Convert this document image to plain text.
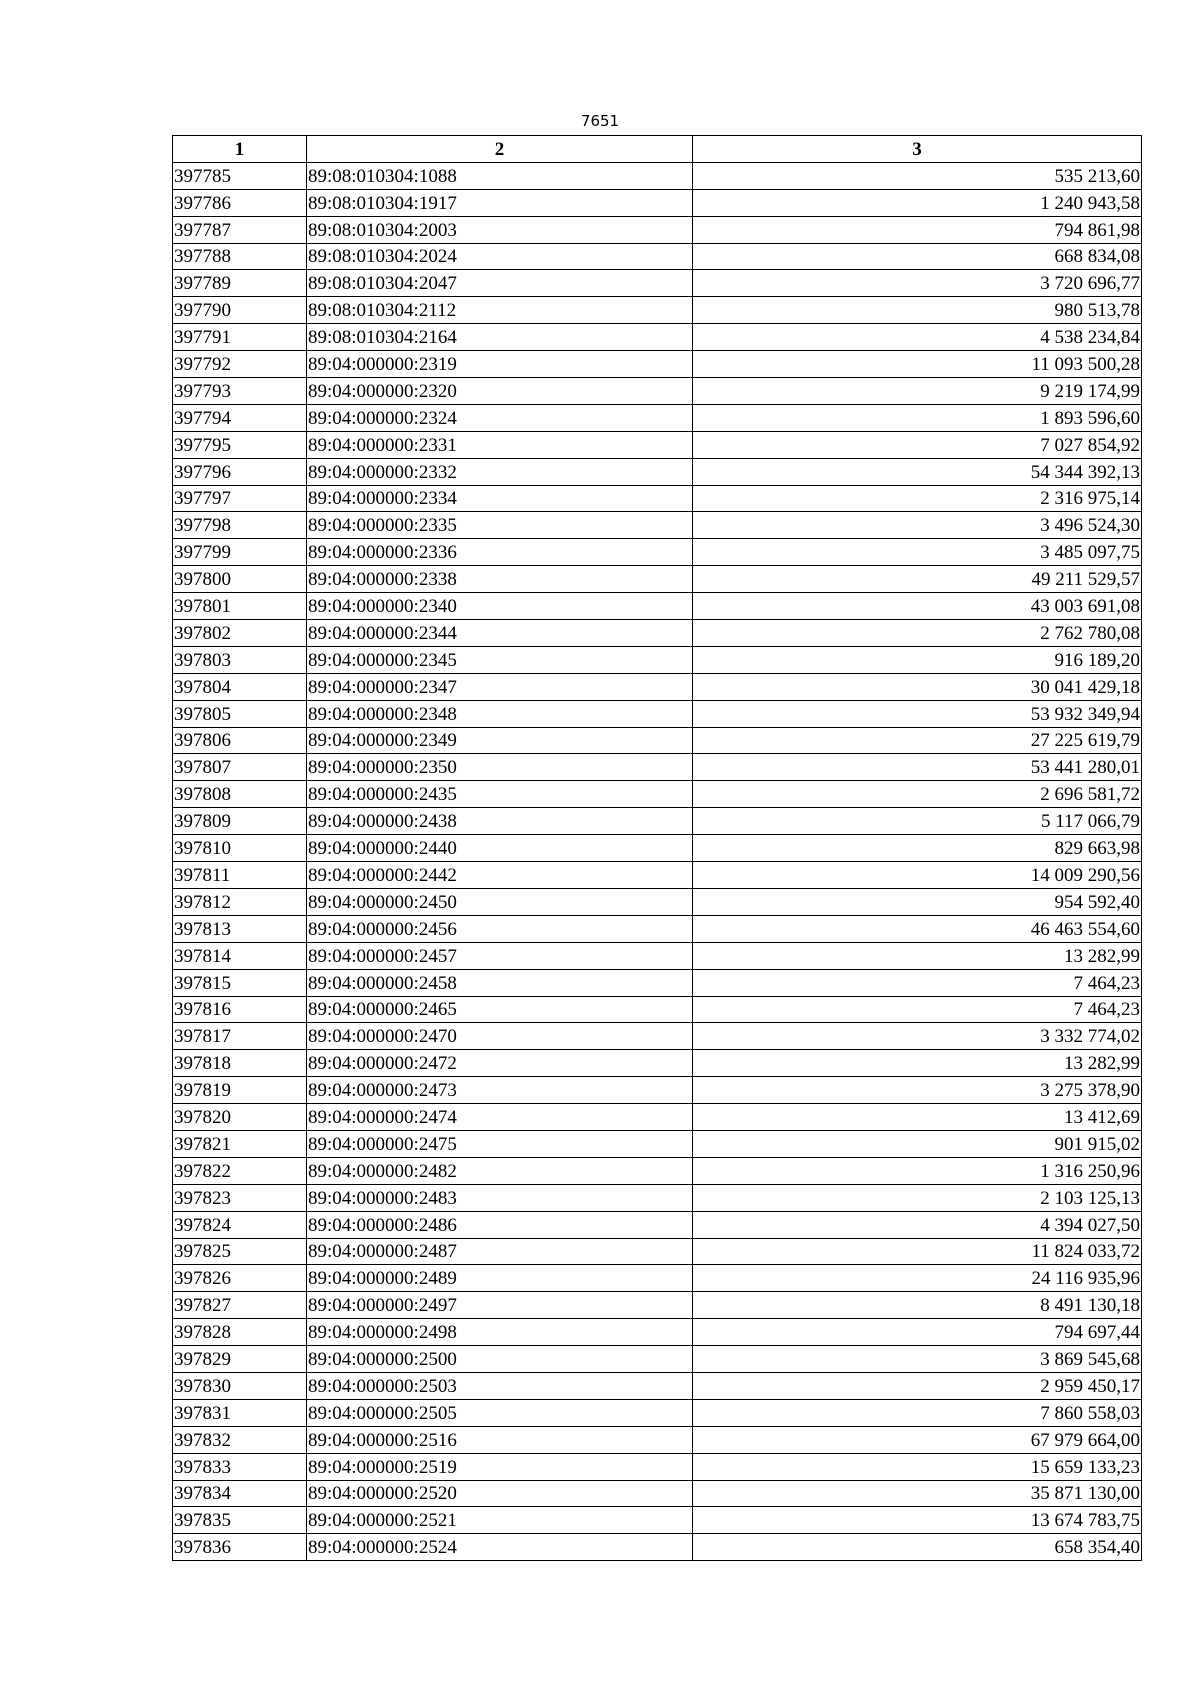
7651
1	2	3
397785	89:08:010304:1088	535 213,60
397786	89:08:010304:1917	1 240 943,58
397787	89:08:010304:2003	794 861,98
397788	89:08:010304:2024	668 834,08
397789	89:08:010304:2047	3 720 696,77
397790	89:08:010304:2112	980 513,78
397791	89:08:010304:2164	4 538 234,84
397792	89:04:000000:2319	11 093 500,28
397793	89:04:000000:2320	9 219 174,99
397794	89:04:000000:2324	1 893 596,60
397795	89:04:000000:2331	7 027 854,92
397796	89:04:000000:2332	54 344 392,13
397797	89:04:000000:2334	2 316 975,14
397798	89:04:000000:2335	3 496 524,30
397799	89:04:000000:2336	3 485 097,75
397800	89:04:000000:2338	49 211 529,57
397801	89:04:000000:2340	43 003 691,08
397802	89:04:000000:2344	2 762 780,08
397803	89:04:000000:2345	916 189,20
397804	89:04:000000:2347	30 041 429,18
397805	89:04:000000:2348	53 932 349,94
397806	89:04:000000:2349	27 225 619,79
397807	89:04:000000:2350	53 441 280,01
397808	89:04:000000:2435	2 696 581,72
397809	89:04:000000:2438	5 117 066,79
397810	89:04:000000:2440	829 663,98
397811	89:04:000000:2442	14 009 290,56
397812	89:04:000000:2450	954 592,40
397813	89:04:000000:2456	46 463 554,60
397814	89:04:000000:2457	13 282,99
397815	89:04:000000:2458	7 464,23
397816	89:04:000000:2465	7 464,23
397817	89:04:000000:2470	3 332 774,02
397818	89:04:000000:2472	13 282,99
397819	89:04:000000:2473	3 275 378,90
397820	89:04:000000:2474	13 412,69
397821	89:04:000000:2475	901 915,02
397822	89:04:000000:2482	1 316 250,96
397823	89:04:000000:2483	2 103 125,13
397824	89:04:000000:2486	4 394 027,50
397825	89:04:000000:2487	11 824 033,72
397826	89:04:000000:2489	24 116 935,96
397827	89:04:000000:2497	8 491 130,18
397828	89:04:000000:2498	794 697,44
397829	89:04:000000:2500	3 869 545,68
397830	89:04:000000:2503	2 959 450,17
397831	89:04:000000:2505	7 860 558,03
397832	89:04:000000:2516	67 979 664,00
397833	89:04:000000:2519	15 659 133,23
397834	89:04:000000:2520	35 871 130,00
397835	89:04:000000:2521	13 674 783,75
397836	89:04:000000:2524	658 354,40
